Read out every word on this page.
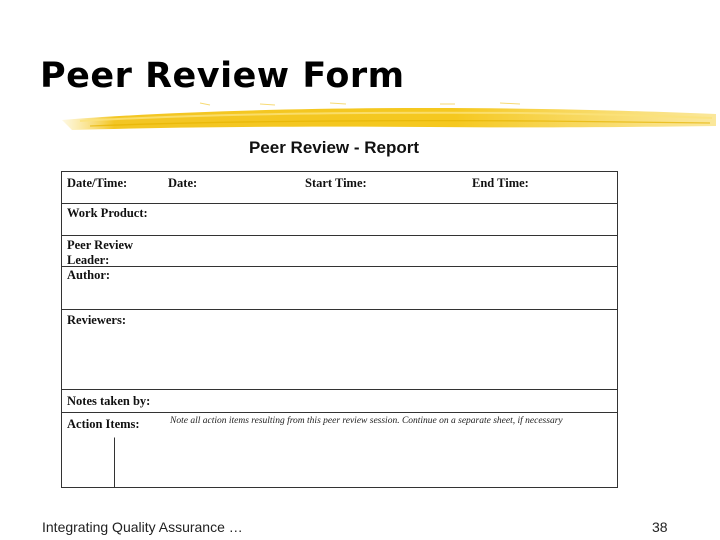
Peer Review Form
Peer Review - Report
Date/Time:	Date:	Start Time:	End Time:
Work Product:
Peer Review
Leader:
Author:
Reviewers:
Notes taken by:
Action Items:	Note all action items resulting from this peer review session. Continue on a separate sheet, if necessary
Integrating Quality Assurance …	38
